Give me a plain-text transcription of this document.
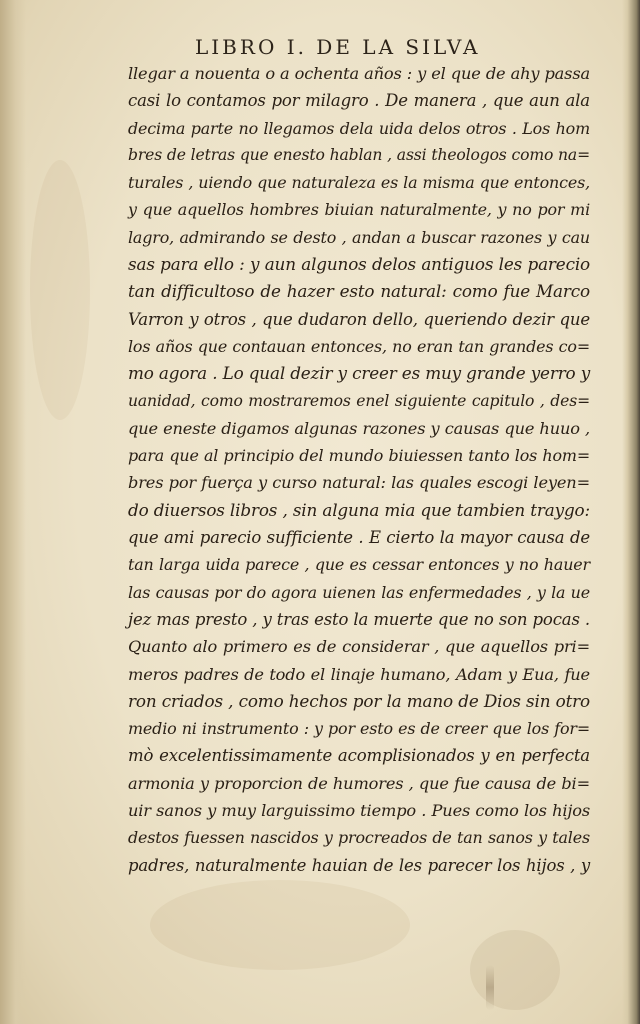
LIBRO I. DE LA SILVA
llegar a nouenta o a ochenta años : y el que de ahy passa
casi lo contamos por milagro . De manera , que aun ala
decima parte no llegamos dela uida delos otros . Los hom
bres de letras que enesto hablan , assi theologos como na=
turales , uiendo que naturaleza es la misma que entonces,
y que aquellos hombres biuian naturalmente, y no por mi
lagro, admirando se desto , andan a buscar razones y cau
sas para ello : y aun algunos delos antiguos les parecio
tan difficultoso de hazer esto natural: como fue Marco
Varron y otros , que dudaron dello, queriendo dezir que
los años que contauan entonces, no eran tan grandes co=
mo agora . Lo qual dezir y creer es muy grande yerro y
uanidad, como mostraremos enel siguiente capitulo , des=
que eneste digamos algunas razones y causas que huuo ,
para que al principio del mundo biuiessen tanto los hom=
bres por fuerça y curso natural: las quales escogi leyen=
do diuersos libros , sin alguna mia que tambien traygo:
que ami parecio sufficiente . E cierto la mayor causa de
tan larga uida parece , que es cessar entonces y no hauer
las causas por do agora uienen las enfermedades , y la ue
jez mas presto , y tras esto la muerte que no son pocas .
Quanto alo primero es de considerar , que aquellos pri=
meros padres de todo el linaje humano, Adam y Eua, fue
ron criados , como hechos por la mano de Dios sin otro
medio ni instrumento : y por esto es de creer que los for=
mò excelentissimamente acomplisionados y en perfecta
armonia y proporcion de humores , que fue causa de bi=
uir sanos y muy larguissimo tiempo . Pues como los hijos
destos fuessen nascidos y procreados de tan sanos y tales
padres, naturalmente hauian de les parecer los hijos , y
